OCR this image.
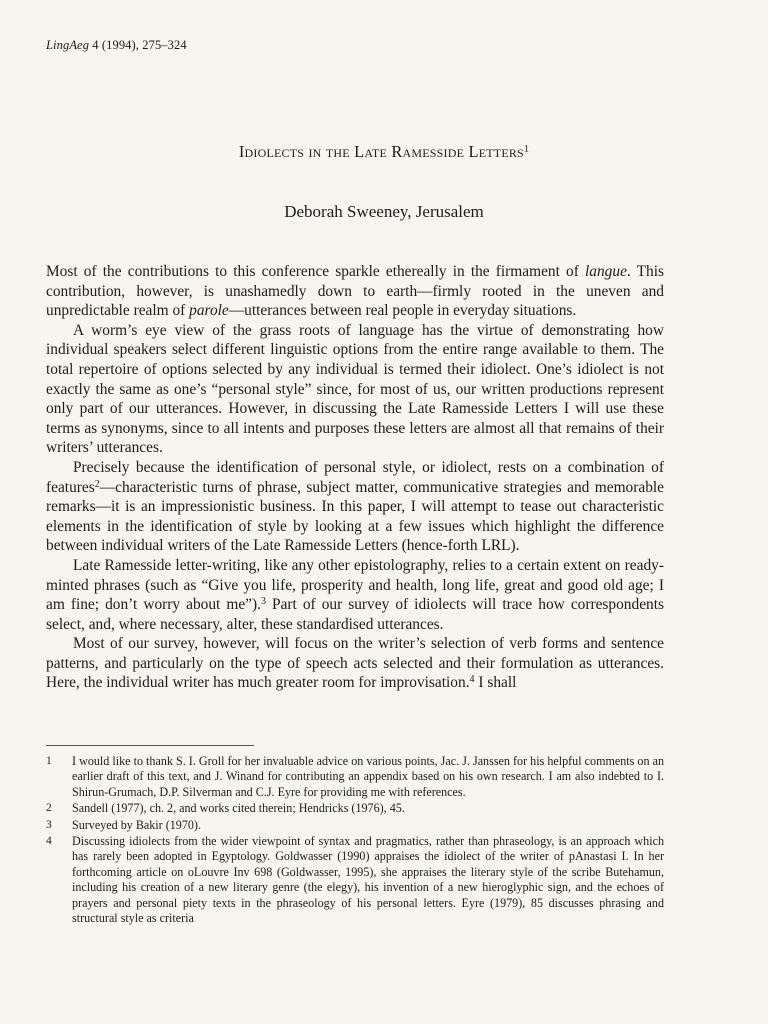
LingAeg 4 (1994), 275–324
Idiolects in the Late Ramesside Letters$^1$
Deborah Sweeney, Jerusalem

Most of the contributions to this conference sparkle ethereally in the firmament of langue. This contribution, however, is unashamedly down to earth—firmly rooted in the uneven and unpredictable realm of parole—utterances between real people in everyday situations.

A worm’s eye view of the grass roots of language has the virtue of demonstrating how individual speakers select different linguistic options from the entire range available to them. The total repertoire of options selected by any individual is termed their idiolect. One’s idiolect is not exactly the same as one’s “personal style” since, for most of us, our written productions represent only part of our utterances. However, in discussing the Late Ramesside Letters I will use these terms as synonyms, since to all intents and purposes these letters are almost all that remains of their writers’ utterances.

Precisely because the identification of personal style, or idiolect, rests on a combination of features$^2$—characteristic turns of phrase, subject matter, communicative strategies and memorable remarks—it is an impressionistic business. In this paper, I will attempt to tease out characteristic elements in the identification of style by looking at a few issues which highlight the difference between individual writers of the Late Ramesside Letters (hence-forth LRL).

Late Ramesside letter-writing, like any other epistolography, relies to a certain extent on ready-minted phrases (such as “Give you life, prosperity and health, long life, great and good old age; I am fine; don’t worry about me”).$^3$ Part of our survey of idiolects will trace how correspondents select, and, where necessary, alter, these standardised utterances.

Most of our survey, however, will focus on the writer’s selection of verb forms and sentence patterns, and particularly on the type of speech acts selected and their formulation as utterances. Here, the individual writer has much greater room for improvisation.$^4$ I shall

1	I would like to thank S. I. Groll for her invaluable advice on various points, Jac. J. Janssen for his helpful comments on an earlier draft of this text, and J. Winand for contributing an appendix based on his own research. I am also indebted to I. Shirun-Grumach, D.P. Silverman and C.J. Eyre for providing me with references.
2	Sandell (1977), ch. 2, and works cited therein; Hendricks (1976), 45.
3	Surveyed by Bakir (1970).
4	Discussing idiolects from the wider viewpoint of syntax and pragmatics, rather than phraseology, is an approach which has rarely been adopted in Egyptology. Goldwasser (1990) appraises the idiolect of the writer of pAnastasi I. In her forthcoming article on oLouvre Inv 698 (Goldwasser, 1995), she appraises the literary style of the scribe Butehamun, including his creation of a new literary genre (the elegy), his invention of a new hieroglyphic sign, and the echoes of prayers and personal piety texts in the phraseology of his personal letters. Eyre (1979), 85 discusses phrasing and structural style as criteria
